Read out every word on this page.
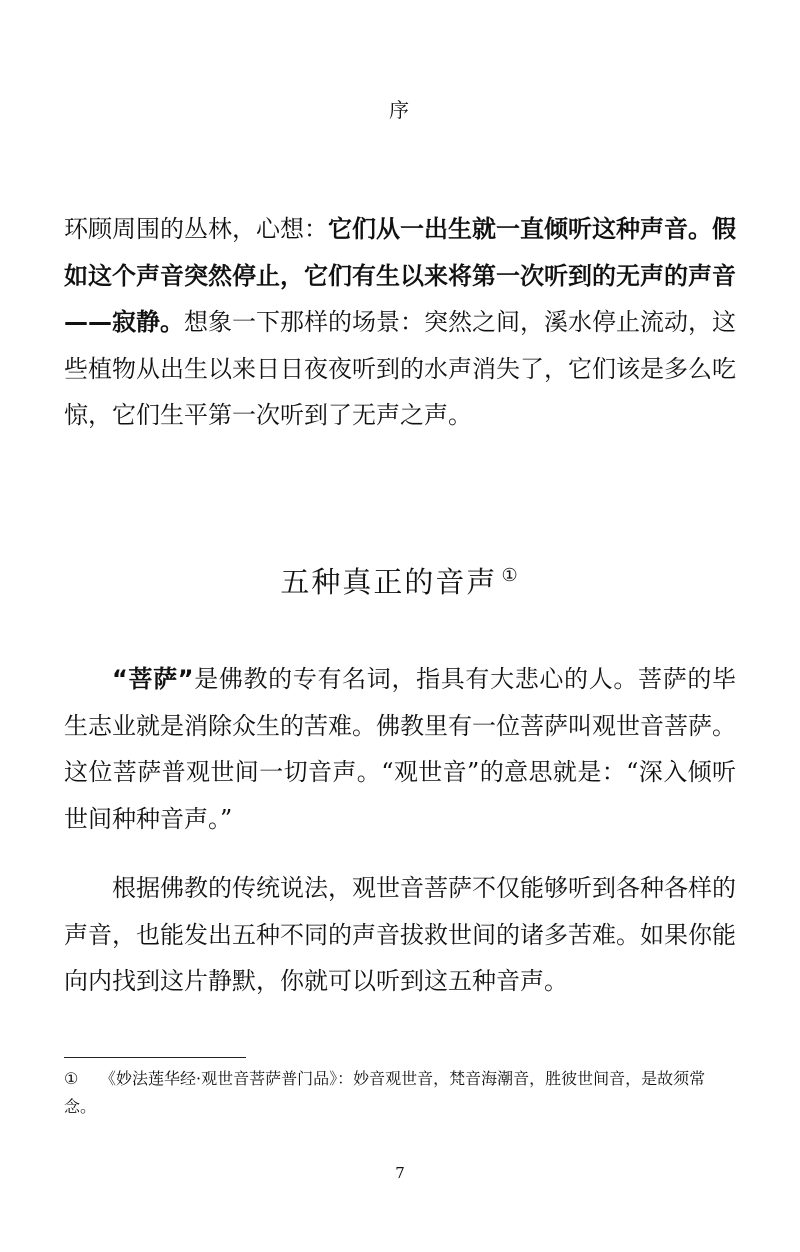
序

环顾周围的丛林，心想：它们从一出生就一直倾听这种声音。假如这个声音突然停止，它们有生以来将第一次听到的无声的声音——寂静。想象一下那样的场景：突然之间，溪水停止流动，这些植物从出生以来日日夜夜听到的水声消失了，它们该是多么吃惊，它们生平第一次听到了无声之声。

五种真正的音声 ①

“菩萨”是佛教的专有名词，指具有大悲心的人。菩萨的毕生志业就是消除众生的苦难。佛教里有一位菩萨叫观世音菩萨。这位菩萨普观世间一切音声。“观世音”的意思就是：“深入倾听世间种种音声。”

根据佛教的传统说法，观世音菩萨不仅能够听到各种各样的声音，也能发出五种不同的声音拔救世间的诸多苦难。如果你能向内找到这片静默，你就可以听到这五种音声。

① 《妙法莲华经·观世音菩萨普门品》：妙音观世音，梵音海潮音，胜彼世间音，是故须常念。

7
